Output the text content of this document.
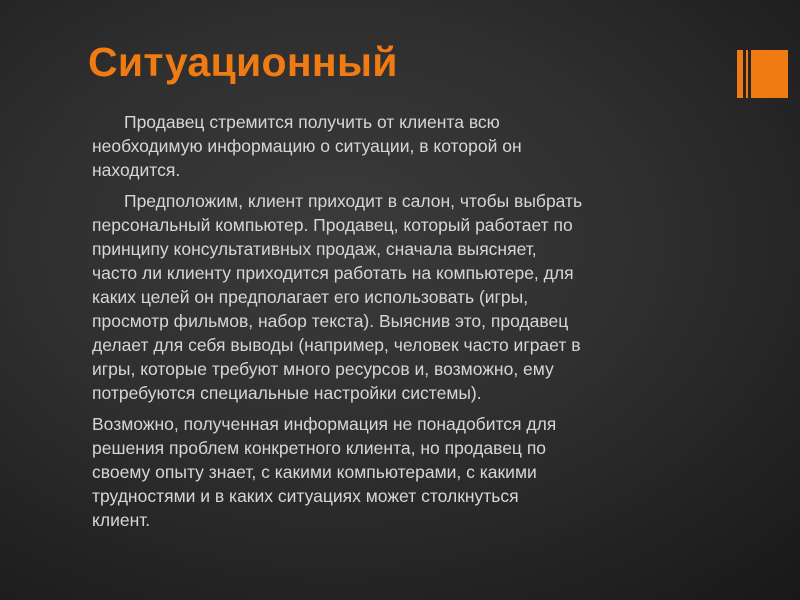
Ситуационный

Продавец стремится получить от клиента всю
необходимую информацию о ситуации, в которой он
находится.

Предположим, клиент приходит в салон, чтобы выбрать
персональный компьютер. Продавец, который работает по
принципу консультативных продаж, сначала выясняет,
часто ли клиенту приходится работать на компьютере, для
каких целей он предполагает его использовать (игры,
просмотр фильмов, набор текста). Выяснив это, продавец
делает для себя выводы (например, человек часто играет в
игры, которые требуют много ресурсов и, возможно, ему
потребуются специальные настройки системы).

Возможно, полученная информация не понадобится для
решения проблем конкретного клиента, но продавец по
своему опыту знает, с какими компьютерами, с какими
трудностями и в каких ситуациях может столкнуться
клиент.
